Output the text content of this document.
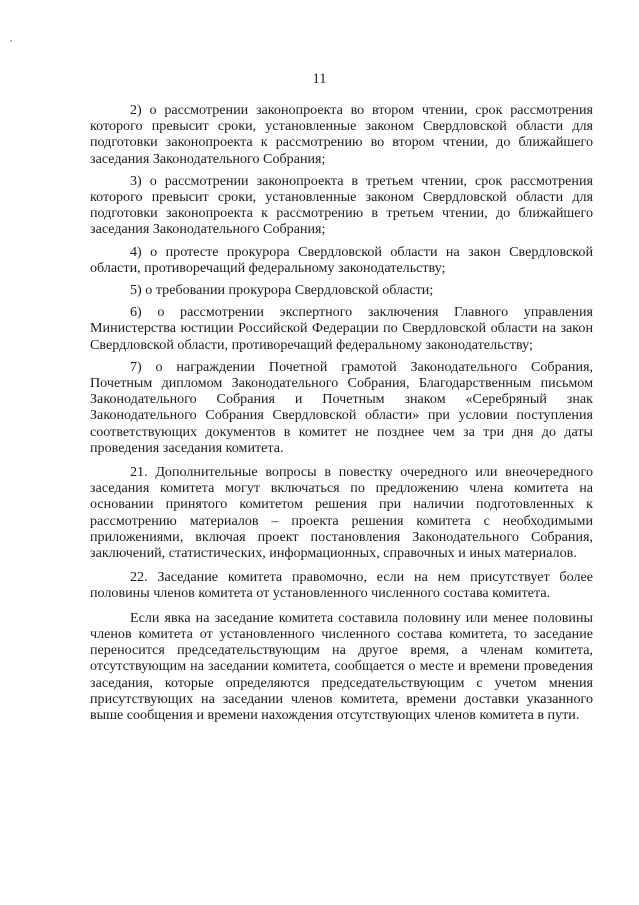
11

2) о рассмотрении законопроекта во втором чтении, срок рассмотрения которого превысит сроки, установленные законом Свердловской области для подготовки законопроекта к рассмотрению во втором чтении, до ближайшего заседания Законодательного Собрания;

3) о рассмотрении законопроекта в третьем чтении, срок рассмотрения которого превысит сроки, установленные законом Свердловской области для подготовки законопроекта к рассмотрению в третьем чтении, до ближайшего заседания Законодательного Собрания;

4) о протесте прокурора Свердловской области на закон Свердловской области, противоречащий федеральному законодательству;

5) о требовании прокурора Свердловской области;

6) о рассмотрении экспертного заключения Главного управления Министерства юстиции Российской Федерации по Свердловской области на закон Свердловской области, противоречащий федеральному законодательству;

7) о награждении Почетной грамотой Законодательного Собрания, Почетным дипломом Законодательного Собрания, Благодарственным письмом Законодательного Собрания и Почетным знаком «Серебряный знак Законодательного Собрания Свердловской области» при условии поступления соответствующих документов в комитет не позднее чем за три дня до даты проведения заседания комитета.

21. Дополнительные вопросы в повестку очередного или внеочередного заседания комитета могут включаться по предложению члена комитета на основании принятого комитетом решения при наличии подготовленных к рассмотрению материалов – проекта решения комитета с необходимыми приложениями, включая проект постановления Законодательного Собрания, заключений, статистических, информационных, справочных и иных материалов.

22. Заседание комитета правомочно, если на нем присутствует более половины членов комитета от установленного численного состава комитета.

Если явка на заседание комитета составила половину или менее половины членов комитета от установленного численного состава комитета, то заседание переносится председательствующим на другое время, а членам комитета, отсутствующим на заседании комитета, сообщается о месте и времени проведения заседания, которые определяются председательствующим с учетом мнения присутствующих на заседании членов комитета, времени доставки указанного выше сообщения и времени нахождения отсутствующих членов комитета в пути.
